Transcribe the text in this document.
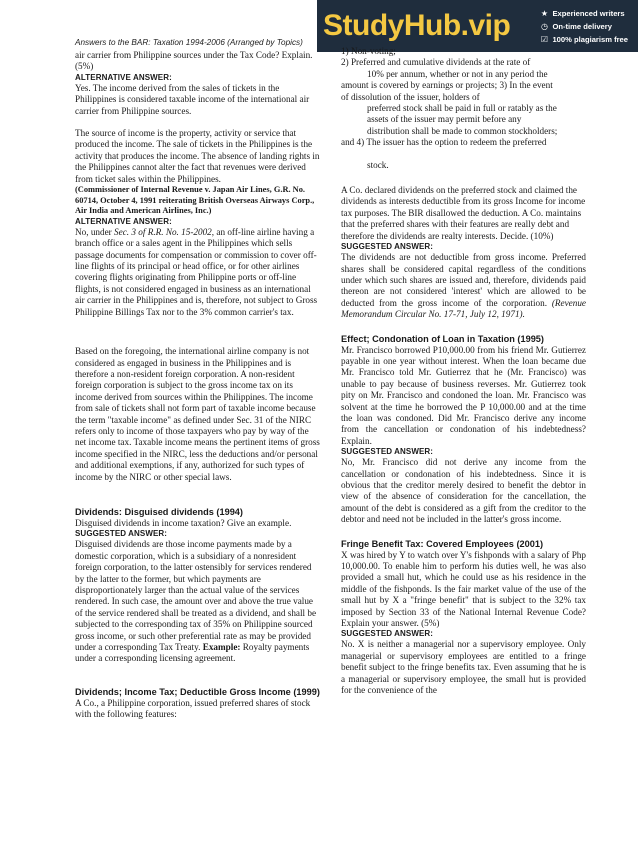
Answers to the BAR: Taxation 1994-2006 (Arranged by Topics)
StudyHub.vip	★ Experienced writers
◷ On-time delivery
☑ 100% plagiarism free

air carrier from Philippine sources under the Tax Code? Explain. (5%)

ALTERNATIVE ANSWER:

Yes. The income derived from the sales of tickets in the Philippines is considered taxable income of the international air carrier from Philippine sources.

The source of income is the property, activity or service that produced the income. The sale of tickets in the Philippines is the activity that produces the income. The absence of landing rights in the Philippines cannot alter the fact that revenues were derived from ticket sales within the Philippines.

(Commissioner of Internal Revenue v. Japan Air Lines, G.R. No. 60714, October 4, 1991 reiterating British Overseas Airways Corp., Air India and American Airlines, Inc.)

ALTERNATIVE ANSWER:

No, under Sec. 3 of R.R. No. 15-2002, an off-line airline having a branch office or a sales agent in the Philippines which sells passage documents for compensation or commission to cover off-line flights of its principal or head office, or for other airlines covering flights originating from Philippine ports or off-line flights, is not considered engaged in business as an international air carrier in the Philippines and is, therefore, not subject to Gross Philippine Billings Tax nor to the 3% common carrier's tax.

Based on the foregoing, the international airline company is not considered as engaged in business in the Philippines and is therefore a non-resident foreign corporation. A non-resident foreign corporation is subject to the gross income tax on its income derived from sources within the Philippines. The income from sale of tickets shall not form part of taxable income because the term "taxable income" as defined under Sec. 31 of the NIRC refers only to income of those taxpayers who pay by way of the net income tax. Taxable income means the pertinent items of gross income specified in the NIRC, less the deductions and/or personal and additional exemptions, if any, authorized for such types of income by the NIRC or other special laws.

Dividends: Disguised dividends (1994)

Disguised dividends in income taxation? Give an example.

SUGGESTED ANSWER:

Disguised dividends are those income payments made by a domestic corporation, which is a subsidiary of a nonresident foreign corporation, to the latter ostensibly for services rendered by the latter to the former, but which payments are disproportionately larger than the actual value of the services rendered. In such case, the amount over and above the true value of the service rendered shall be treated as a dividend, and shall be subjected to the corresponding tax of 35% on Philippine sourced gross income, or such other preferential rate as may be provided under a corresponding Tax Treaty. Example: Royalty payments under a corresponding licensing agreement.

Dividends; Income Tax; Deductible Gross Income (1999)

A Co., a Philippine corporation, issued preferred shares of stock with the following features:

1) Non-voting;

2) Preferred and cumulative dividends at the rate of

10% per annum, whether or not in any period the

amount is covered by earnings or projects; 3) In the event

of dissolution of the issuer, holders of

preferred stock shall be paid in full or ratably as the

assets of the issuer may permit before any

distribution shall be made to common stockholders;

and 4) The issuer has the option to redeem the preferred

stock.

A Co. declared dividends on the preferred stock and claimed the dividends as interests deductible from its gross Income for income tax purposes. The BIR disallowed the deduction. A Co. maintains that the preferred shares with their features are really debt and therefore the dividends are realty interests. Decide. (10%)

SUGGESTED ANSWER:

The dividends are not deductible from gross income. Preferred shares shall be considered capital regardless of the conditions under which such shares are issued and, therefore, dividends paid thereon are not considered 'interest' which are allowed to be deducted from the gross income of the corporation. (Revenue Memorandum Circular No. 17-71, July 12, 1971).

Effect; Condonation of Loan in Taxation (1995)

Mr. Francisco borrowed P10,000.00 from his friend Mr. Gutierrez payable in one year without interest. When the loan became due Mr. Francisco told Mr. Gutierrez that he (Mr. Francisco) was unable to pay because of business reverses. Mr. Gutierrez took pity on Mr. Francisco and condoned the loan. Mr. Francisco was solvent at the time he borrowed the P 10,000.00 and at the time the loan was condoned. Did Mr. Francisco derive any income from the cancellation or condonation of his indebtedness? Explain.

SUGGESTED ANSWER:

No, Mr. Francisco did not derive any income from the cancellation or condonation of his indebtedness. Since it is obvious that the creditor merely desired to benefit the debtor in view of the absence of consideration for the cancellation, the amount of the debt is considered as a gift from the creditor to the debtor and need not be included in the latter's gross income.

Fringe Benefit Tax: Covered Employees (2001)

X was hired by Y to watch over Y's fishponds with a salary of Php 10,000.00. To enable him to perform his duties well, he was also provided a small hut, which he could use as his residence in the middle of the fishponds. Is the fair market value of the use of the small hut by X a "fringe benefit" that is subject to the 32% tax imposed by Section 33 of the National Internal Revenue Code? Explain your answer. (5%)

SUGGESTED ANSWER:

No. X is neither a managerial nor a supervisory employee. Only managerial or supervisory employees are entitled to a fringe benefit subject to the fringe benefits tax. Even assuming that he is a managerial or supervisory employee, the small hut is provided for the convenience of the
